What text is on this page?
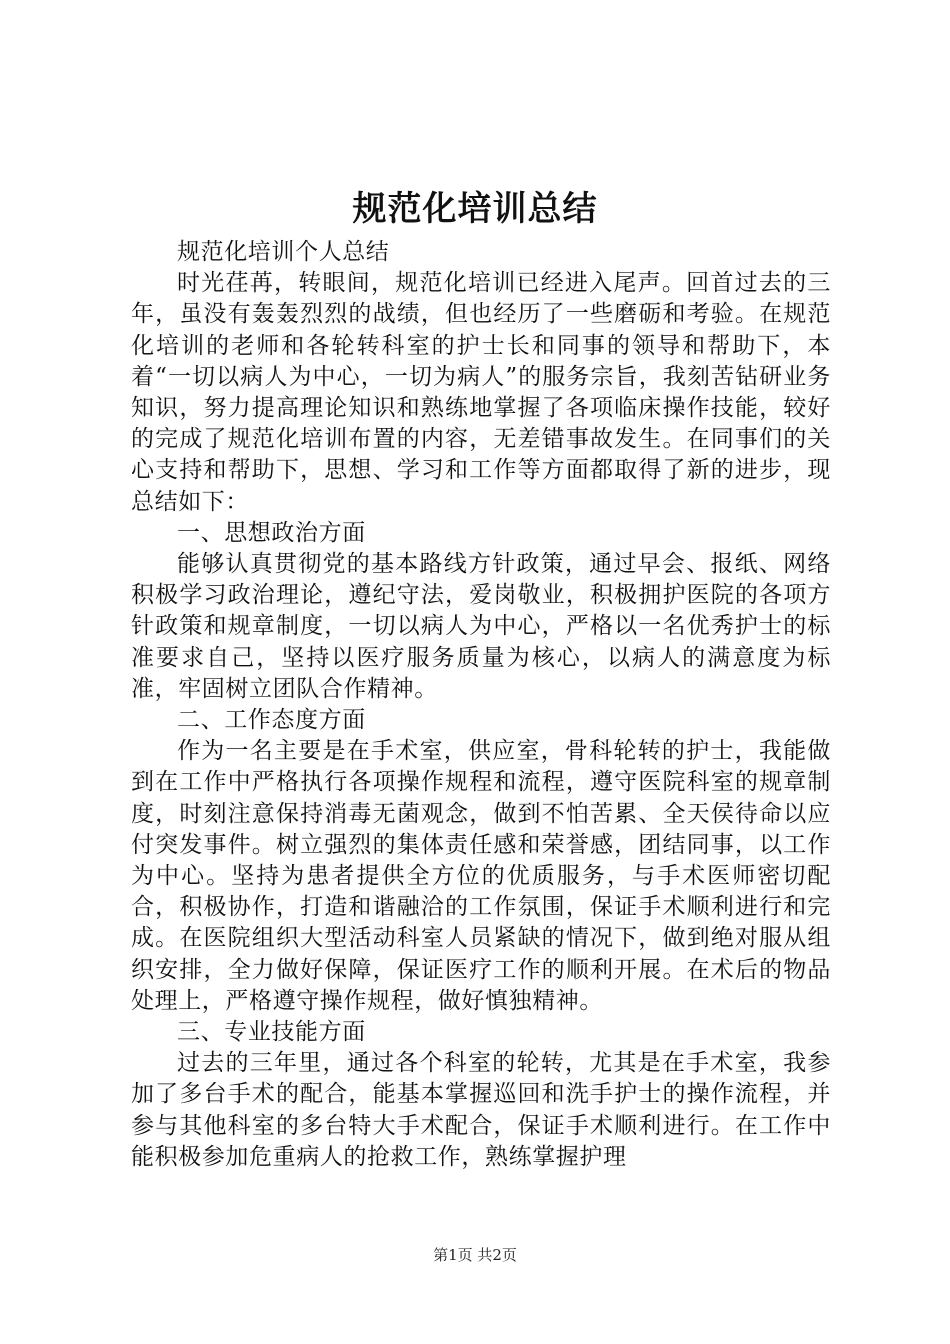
规范化培训总结

规范化培训个人总结

时光荏苒，转眼间，规范化培训已经进入尾声。回首过去的三年，虽没有轰轰烈烈的战绩，但也经历了一些磨砺和考验。在规范化培训的老师和各轮转科室的护士长和同事的领导和帮助下，本着“一切以病人为中心，一切为病人”的服务宗旨，我刻苦钻研业务知识，努力提高理论知识和熟练地掌握了各项临床操作技能，较好的完成了规范化培训布置的内容，无差错事故发生。在同事们的关心支持和帮助下，思想、学习和工作等方面都取得了新的进步，现总结如下：

一、思想政治方面

能够认真贯彻党的基本路线方针政策，通过早会、报纸、网络积极学习政治理论，遵纪守法，爱岗敬业，积极拥护医院的各项方针政策和规章制度，一切以病人为中心，严格以一名优秀护士的标准要求自己，坚持以医疗服务质量为核心，以病人的满意度为标准，牢固树立团队合作精神。

二、工作态度方面

作为一名主要是在手术室，供应室，骨科轮转的护士，我能做到在工作中严格执行各项操作规程和流程，遵守医院科室的规章制度，时刻注意保持消毒无菌观念，做到不怕苦累、全天侯待命以应付突发事件。树立强烈的集体责任感和荣誉感，团结同事，以工作为中心。坚持为患者提供全方位的优质服务，与手术医师密切配合，积极协作，打造和谐融洽的工作氛围，保证手术顺利进行和完成。在医院组织大型活动科室人员紧缺的情况下，做到绝对服从组织安排，全力做好保障，保证医疗工作的顺利开展。在术后的物品处理上，严格遵守操作规程，做好慎独精神。

三、专业技能方面

过去的三年里，通过各个科室的轮转，尤其是在手术室，我参加了多台手术的配合，能基本掌握巡回和洗手护士的操作流程，并参与其他科室的多台特大手术配合，保证手术顺利进行。在工作中能积极参加危重病人的抢救工作，熟练掌握护理

第1页 共2页
